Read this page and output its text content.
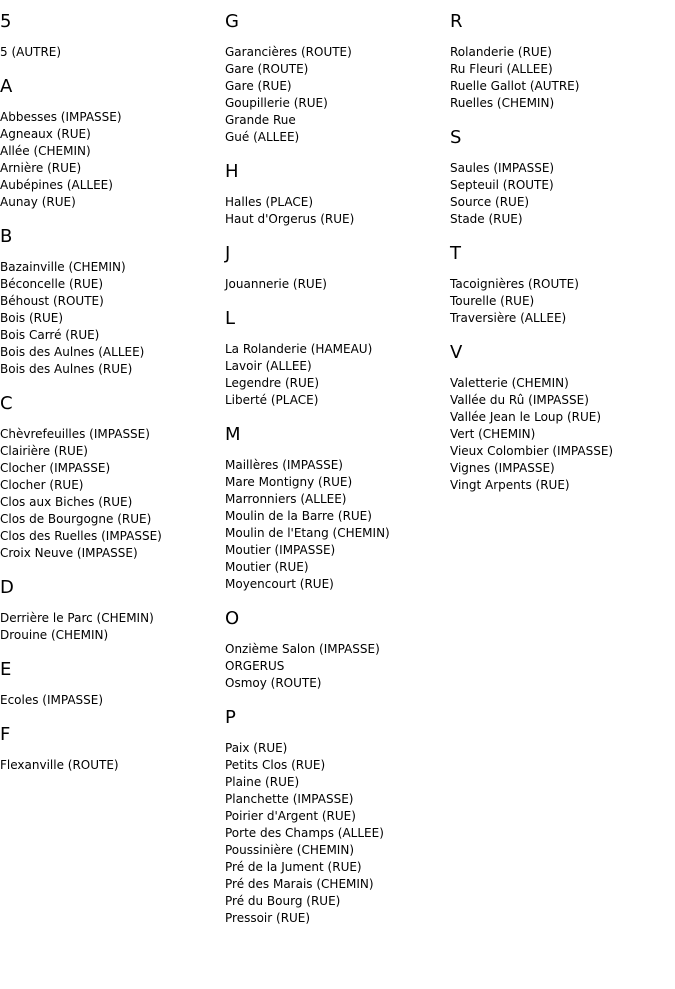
5
5 (AUTRE)
A
Abbesses (IMPASSE)
Agneaux (RUE)
Allée (CHEMIN)
Arnière (RUE)
Aubépines (ALLEE)
Aunay (RUE)
B
Bazainville (CHEMIN)
Béconcelle (RUE)
Béhoust (ROUTE)
Bois (RUE)
Bois Carré (RUE)
Bois des Aulnes (ALLEE)
Bois des Aulnes (RUE)
C
Chèvrefeuilles (IMPASSE)
Clairière (RUE)
Clocher (IMPASSE)
Clocher (RUE)
Clos aux Biches (RUE)
Clos de Bourgogne (RUE)
Clos des Ruelles (IMPASSE)
Croix Neuve (IMPASSE)
D
Derrière le Parc (CHEMIN)
Drouine (CHEMIN)
E
Ecoles (IMPASSE)
F
Flexanville (ROUTE)
G
Garancières (ROUTE)
Gare (ROUTE)
Gare (RUE)
Goupillerie (RUE)
Grande Rue
Gué (ALLEE)
H
Halles (PLACE)
Haut d'Orgerus (RUE)
J
Jouannerie (RUE)
L
La Rolanderie (HAMEAU)
Lavoir (ALLEE)
Legendre (RUE)
Liberté (PLACE)
M
Maillères (IMPASSE)
Mare Montigny (RUE)
Marronniers (ALLEE)
Moulin de la Barre (RUE)
Moulin de l'Etang (CHEMIN)
Moutier (IMPASSE)
Moutier (RUE)
Moyencourt (RUE)
O
Onzième Salon (IMPASSE)
ORGERUS
Osmoy (ROUTE)
P
Paix (RUE)
Petits Clos (RUE)
Plaine (RUE)
Planchette (IMPASSE)
Poirier d'Argent (RUE)
Porte des Champs (ALLEE)
Poussinière (CHEMIN)
Pré de la Jument (RUE)
Pré des Marais (CHEMIN)
Pré du Bourg (RUE)
Pressoir (RUE)
R
Rolanderie (RUE)
Ru Fleuri (ALLEE)
Ruelle Gallot (AUTRE)
Ruelles (CHEMIN)
S
Saules (IMPASSE)
Septeuil (ROUTE)
Source (RUE)
Stade (RUE)
T
Tacoignières (ROUTE)
Tourelle (RUE)
Traversière (ALLEE)
V
Valetterie (CHEMIN)
Vallée du Rû (IMPASSE)
Vallée Jean le Loup (RUE)
Vert (CHEMIN)
Vieux Colombier (IMPASSE)
Vignes (IMPASSE)
Vingt Arpents (RUE)
